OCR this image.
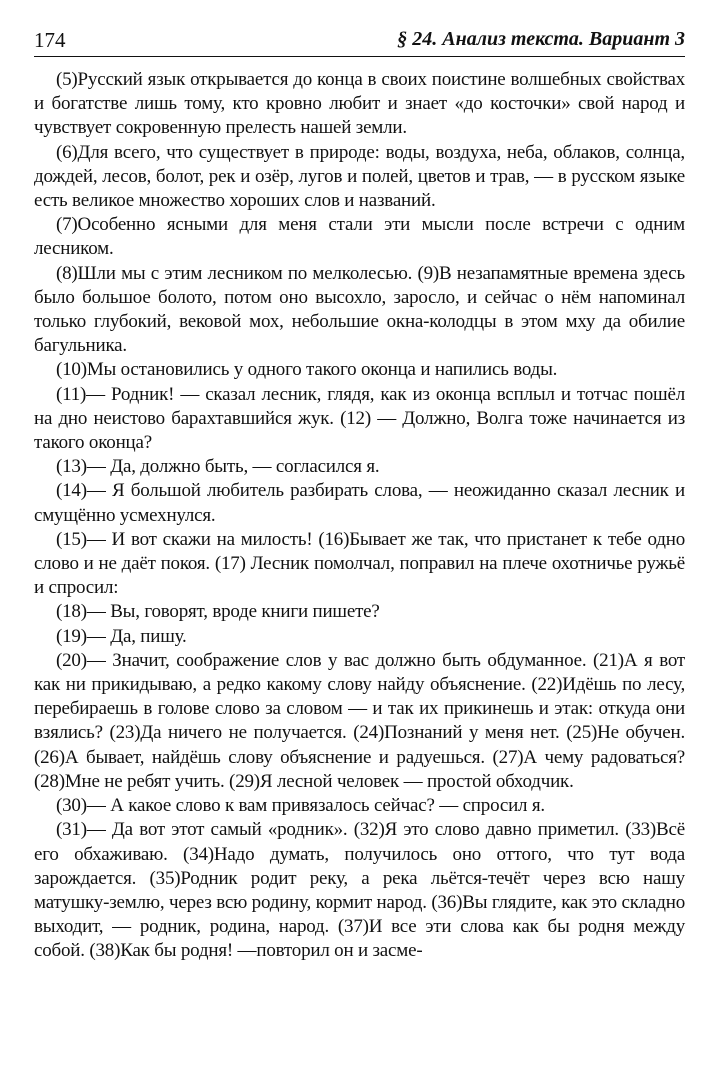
174	§ 24. Анализ текста. Вариант 3

(5)Русский язык открывается до конца в своих поистине волшебных свойствах и богатстве лишь тому, кто кровно любит и знает «до косточки» свой народ и чувствует сокровенную прелесть нашей земли.

(6)Для всего, что существует в природе: воды, воздуха, неба, облаков, солнца, дождей, лесов, болот, рек и озёр, лугов и полей, цветов и трав, — в русском языке есть великое множество хороших слов и названий.

(7)Особенно ясными для меня стали эти мысли после встречи с одним лесником.

(8)Шли мы с этим лесником по мелколесью. (9)В незапамятные времена здесь было большое болото, потом оно высохло, заросло, и сейчас о нём напоминал только глубокий, вековой мох, небольшие окна-колодцы в этом мху да обилие багульника.

(10)Мы остановились у одного такого оконца и напились воды.

(11)— Родник! — сказал лесник, глядя, как из оконца всплыл и тотчас пошёл на дно неистово барахтавшийся жук. (12) — Должно, Волга тоже начинается из такого оконца?

(13)— Да, должно быть, — согласился я.

(14)— Я большой любитель разбирать слова, — неожиданно сказал лесник и смущённо усмехнулся.

(15)— И вот скажи на милость! (16)Бывает же так, что пристанет к тебе одно слово и не даёт покоя. (17) Лесник помолчал, поправил на плече охотничье ружьё и спросил:

(18)— Вы, говорят, вроде книги пишете?

(19)— Да, пишу.

(20)— Значит, соображение слов у вас должно быть обдуманное. (21)А я вот как ни прикидываю, а редко какому слову найду объяснение. (22)Идёшь по лесу, перебираешь в голове слово за словом — и так их прикинешь и этак: откуда они взялись? (23)Да ничего не получается. (24)Познаний у меня нет. (25)Не обучен. (26)А бывает, найдёшь слову объяснение и радуешься. (27)А чему радоваться? (28)Мне не ребят учить. (29)Я лесной человек — простой обходчик.

(30)— А какое слово к вам привязалось сейчас? — спросил я.

(31)— Да вот этот самый «родник». (32)Я это слово давно приметил. (33)Всё его обхаживаю. (34)Надо думать, получилось оно оттого, что тут вода зарождается. (35)Родник родит реку, а река льётся-течёт через всю нашу матушку-землю, через всю родину, кормит народ. (36)Вы глядите, как это складно выходит, — родник, родина, народ. (37)И все эти слова как бы родня между собой. (38)Как бы родня! —повторил он и засме-
